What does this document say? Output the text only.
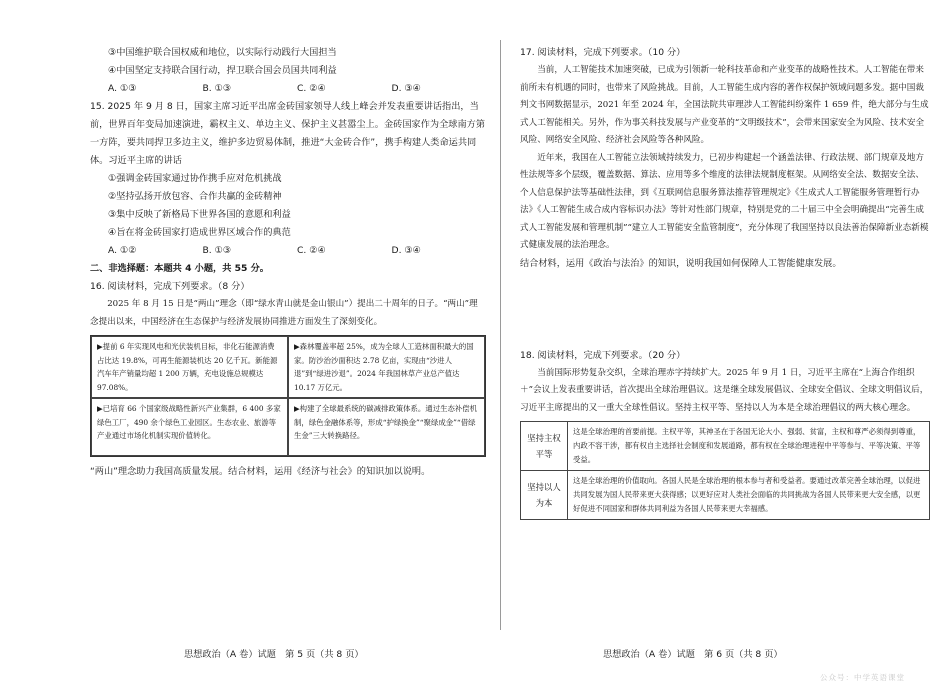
③中国维护联合国权威和地位，以实际行动践行大国担当

④中国坚定支持联合国行动，捍卫联合国会员国共同利益

A. ①③	B. ①③	C. ②④	D. ③④

15. 2025 年 9 月 8 日，国家主席习近平出席金砖国家领导人线上峰会并发表重要讲话指出，当前，世界百年变局加速演进，霸权主义、单边主义、保护主义甚嚣尘上。金砖国家作为全球南方第一方阵，要共同捍卫多边主义，维护多边贸易体制，推进“大金砖合作”，携手构建人类命运共同体。习近平主席的讲话

①强调金砖国家通过协作携手应对危机挑战

②坚持弘扬开放包容、合作共赢的金砖精神

③集中反映了新格局下世界各国的意愿和利益

④旨在将金砖国家打造成世界区域合作的典范

A. ①②	B. ①③	C. ②④	D. ③④

二、非选择题：本题共 4 小题，共 55 分。

16. 阅读材料，完成下列要求。（8 分）

2025 年 8 月 15 日是“两山”理念（即“绿水青山就是金山银山”）提出二十周年的日子。“两山”理念提出以来，中国经济在生态保护与经济发展协同推进方面发生了深刻变化。

▶提前 6 年实现风电和光伏装机目标，非化石能源消费占比达 19.8%，可再生能源装机达 20 亿千瓦。新能源汽车年产销量均超 1 200 万辆，充电设施总规模达 97.08%。
▶森林覆盖率超 25%，成为全球人工造林面积最大的国家。防沙治沙面积达 2.78 亿亩，实现由“沙进人退”到“绿进沙退”。2024 年我国林草产业总产值达 10.17 万亿元。
▶已培育 66 个国家级战略性新兴产业集群，6 400 多家绿色工厂，490 余个绿色工业园区。生态农业、旅游等产业通过市场化机制实现价值转化。
▶构建了全球最系统的碳减排政策体系。通过生态补偿机制，绿色金融体系等，形成“护绿换金”“聚绿成金”“借绿生金”三大转换路径。

“两山”理念助力我国高质量发展。结合材料，运用《经济与社会》的知识加以说明。

17. 阅读材料，完成下列要求。（10 分）

当前，人工智能技术加速突破，已成为引领新一轮科技革命和产业变革的战略性技术。人工智能在带来前所未有机遇的同时，也带来了风险挑战。目前，人工智能生成内容的著作权保护领域问题多发。据中国裁判文书网数据显示，2021 年至 2024 年，全国法院共审理涉人工智能纠纷案件 1 659 件，绝大部分与生成式人工智能相关。另外，作为事关科技发展与产业变革的“文明级技术”，会带来国家安全为风险、技术安全风险、网络安全风险、经济社会风险等各种风险。

近年来，我国在人工智能立法领域持续发力，已初步构建起一个涵盖法律、行政法规、部门规章及地方性法规等多个层级，覆盖数据、算法、应用等多个维度的法律法规制度框架。从网络安全法、数据安全法、个人信息保护法等基础性法律，到《互联网信息服务算法推荐管理规定》《生成式人工智能服务管理暂行办法》《人工智能生成合成内容标识办法》等针对性部门规章，特别是党的二十届三中全会明确提出“完善生成式人工智能发展和管理机制”“建立人工智能安全监管制度”，充分体现了我国坚持以良法善治保障新业态新模式健康发展的法治理念。

结合材料，运用《政治与法治》的知识，说明我国如何保障人工智能健康发展。

18. 阅读材料，完成下列要求。（20 分）

当前国际形势复杂交织，全球治理赤字持续扩大。2025 年 9 月 1 日，习近平主席在“上海合作组织＋”会议上发表重要讲话，首次提出全球治理倡议。这是继全球发展倡议、全球安全倡议、全球文明倡议后，习近平主席提出的又一重大全球性倡议。坚持主权平等、坚持以人为本是全球治理倡议的两大核心理念。

坚持主权平等	这是全球治理的首要前提。主权平等，其神圣在于各国无论大小、强弱、贫富，主权和尊严必须得到尊重，内政不容干涉，都有权自主选择社会制度和发展道路，都有权在全球治理进程中平等参与、平等决策、平等受益。
坚持以人为本	这是全球治理的价值取向。各国人民是全球治理的根本参与者和受益者。要通过改革完善全球治理，以促进共同发展为国人民带来更大获得感；以更好应对人类社会面临的共同挑战为各国人民带来更大安全感，以更好促进不同国家和群体共同利益为各国人民带来更大幸福感。
思想政治（A 卷）试题　第 5 页（共 8 页）	思想政治（A 卷）试题　第 6 页（共 8 页）
公众号：中学英语课堂
